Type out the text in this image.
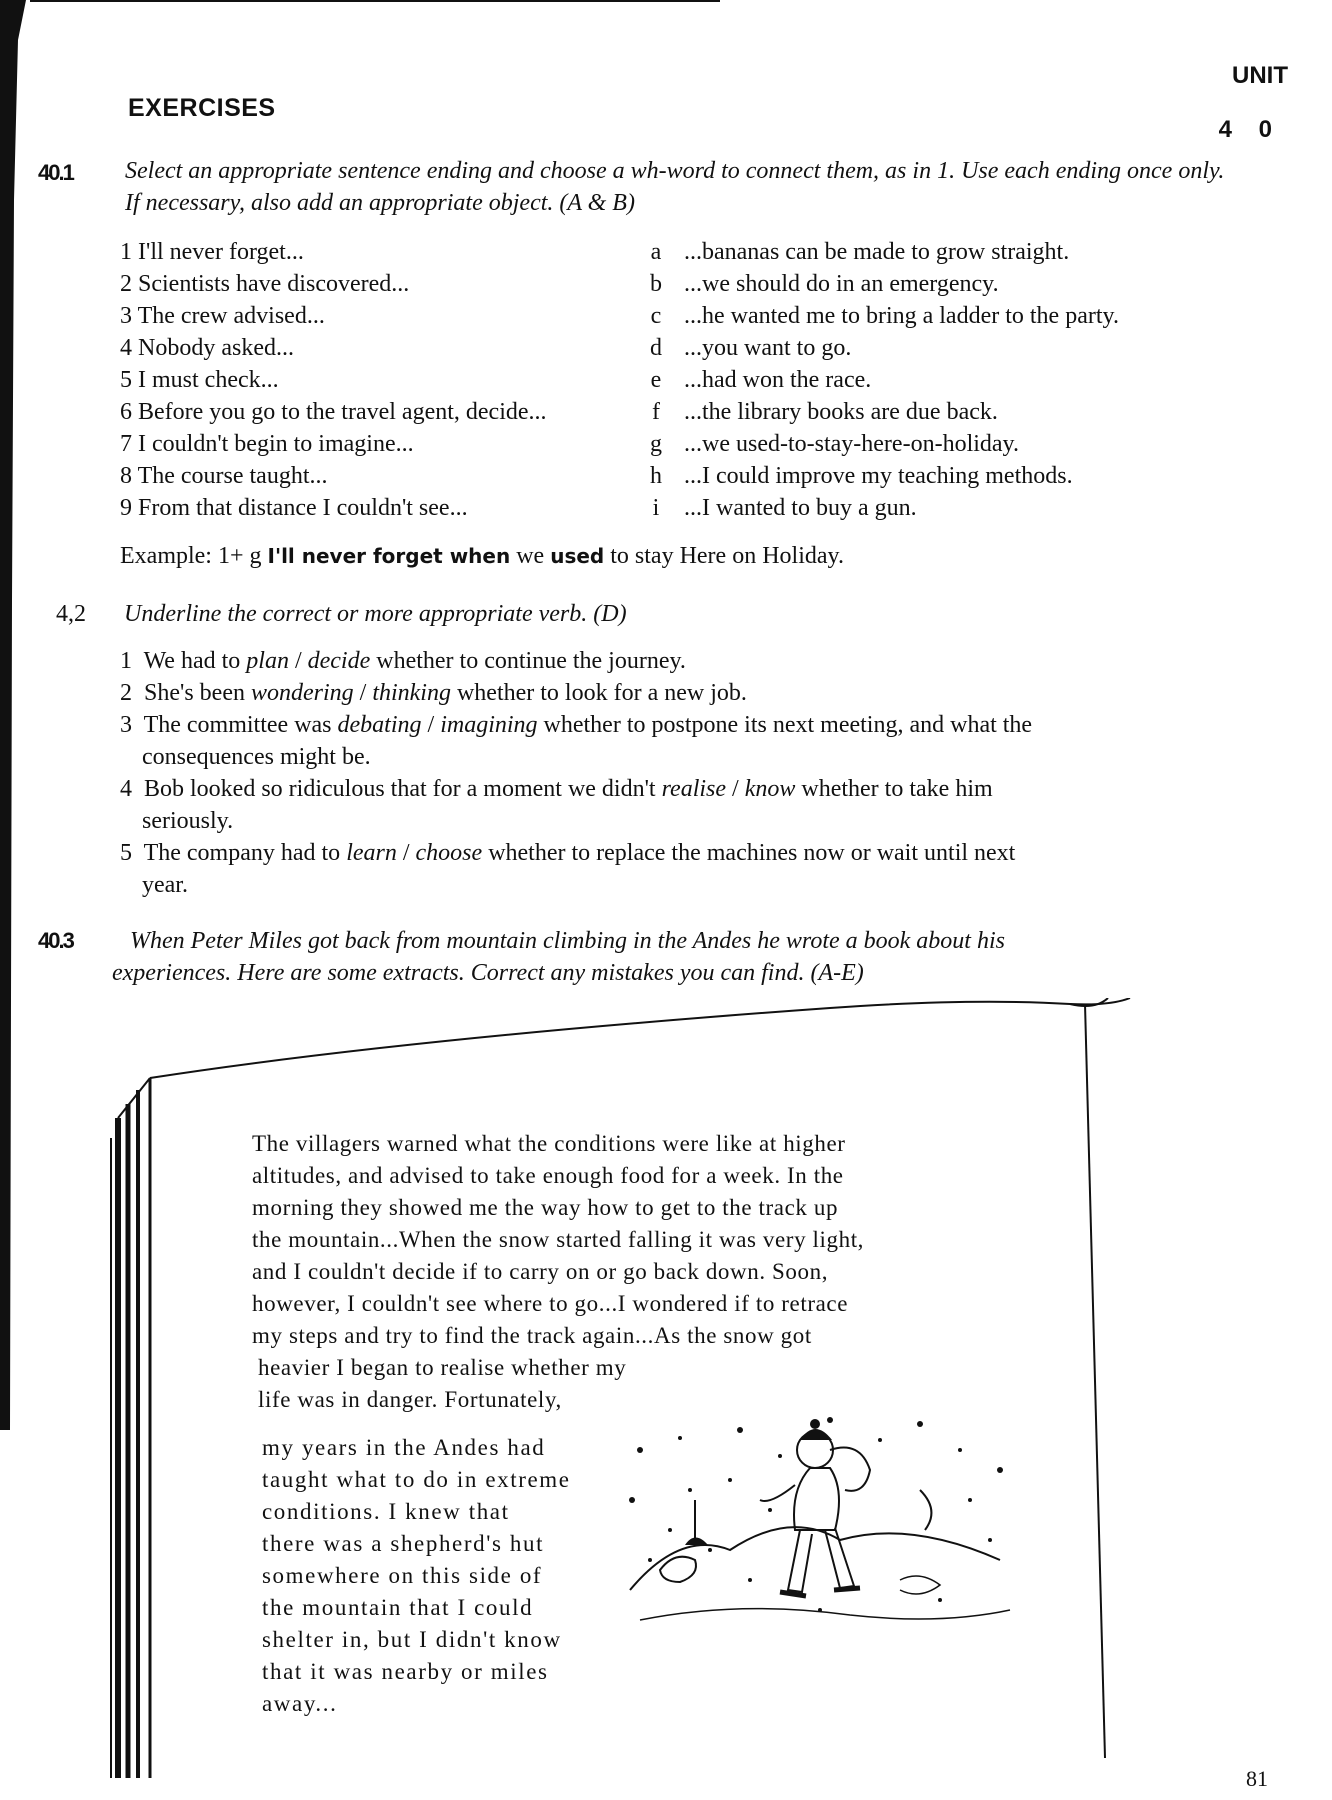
UNIT
4 0
EXERCISES
40.1 Select an appropriate sentence ending and choose a wh-word to connect them, as in 1. Use each ending once only. If necessary, also add an appropriate object. (A & B)
1 I'll never forget...
2 Scientists have discovered...
3 The crew advised...
4 Nobody asked...
5 I must check...
6 Before you go to the travel agent, decide...
7 I couldn't begin to imagine...
8 The course taught...
9 From that distance I couldn't see...
a
b
c
d
e
f
g
h
i
...bananas can be made to grow straight.
...we should do in an emergency.
...he wanted me to bring a ladder to the party.
...you want to go.
...had won the race.
...the library books are due back.
...we used-to-stay-here-on-holiday.
...I could improve my teaching methods.
...I wanted to buy a gun.
Example: 1+ g I'll never forget when we used to stay Here on Holiday.
4,2 Underline the correct or more appropriate verb. (D)
1 We had to plan / decide whether to continue the journey.
2 She's been wondering / thinking whether to look for a new job.
3 The committee was debating / imagining whether to postpone its next meeting, and what the
consequences might be.
4 Bob looked so ridiculous that for a moment we didn't realise / know whether to take him
seriously.
5 The company had to learn / choose whether to replace the machines now or wait until next
year.
40.3 When Peter Miles got back from mountain climbing in the Andes he wrote a book about his
experiences. Here are some extracts. Correct any mistakes you can find. (A-E)
The villagers warned what the conditions were like at higher
altitudes, and advised to take enough food for a week. In the
morning they showed me the way how to get to the track up
the mountain...When the snow started falling it was very light,
and I couldn't decide if to carry on or go back down. Soon,
however, I couldn't see where to go...I wondered if to retrace
my steps and try to find the track again...As the snow got
heavier I began to realise whether my
life was in danger. Fortunately,
my years in the Andes had
taught what to do in extreme
conditions. I knew that
there was a shepherd's hut
somewhere on this side of
the mountain that I could
shelter in, but I didn't know
that it was nearby or miles
away...
81
